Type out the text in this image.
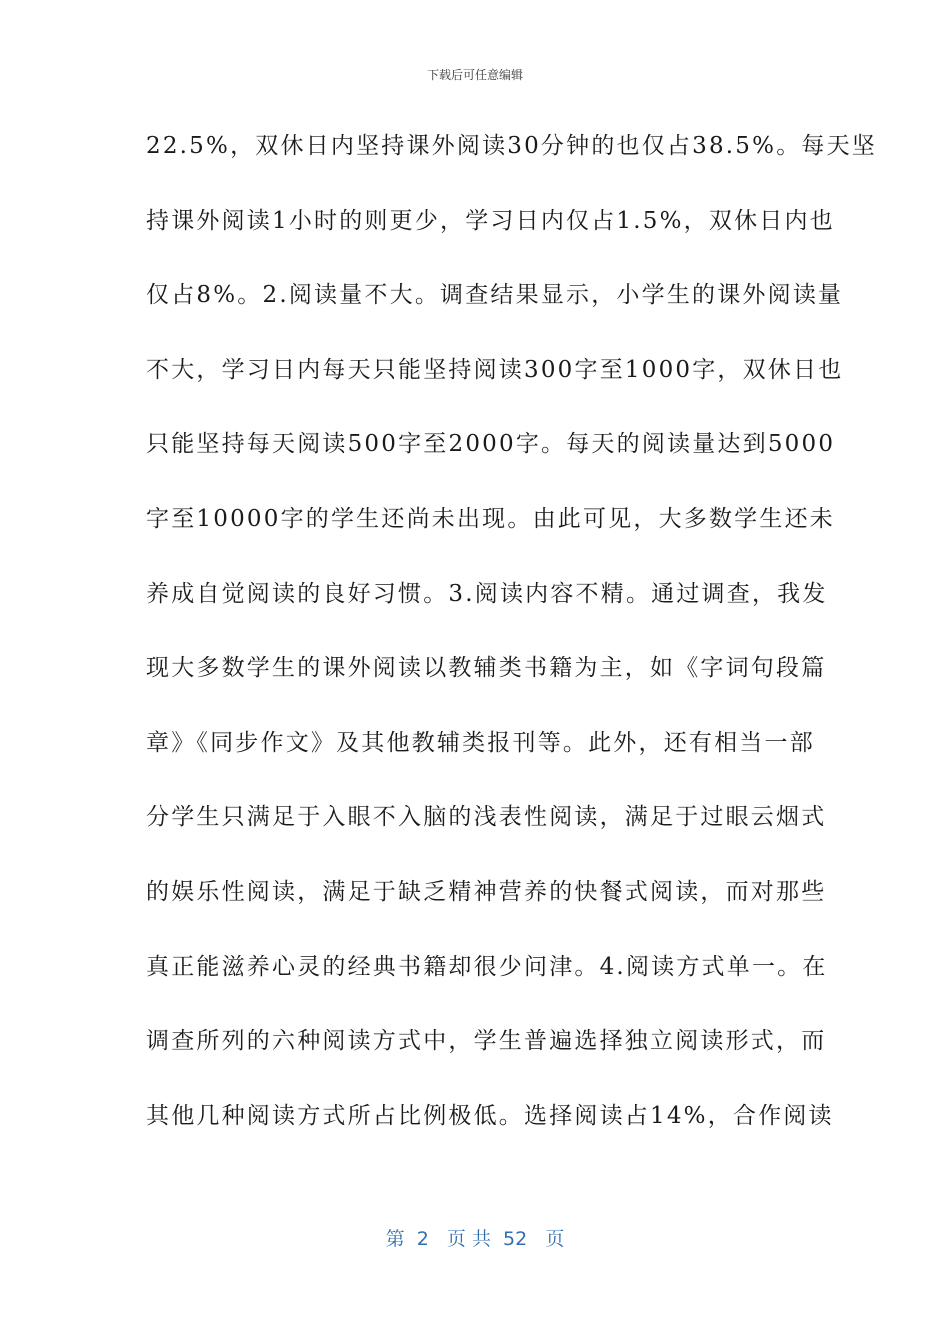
下载后可任意编辑
22.5%，双休日内坚持课外阅读30分钟的也仅占38.5%。每天坚
持课外阅读1小时的则更少，学习日内仅占1.5%，双休日内也
仅占8%。2.阅读量不大。调查结果显示，小学生的课外阅读量
不大，学习日内每天只能坚持阅读300字至1000字，双休日也
只能坚持每天阅读500字至2000字。每天的阅读量达到5000
字至10000字的学生还尚未出现。由此可见，大多数学生还未
养成自觉阅读的良好习惯。3.阅读内容不精。通过调查，我发
现大多数学生的课外阅读以教辅类书籍为主，如《字词句段篇
章》《同步作文》及其他教辅类报刊等。此外，还有相当一部
分学生只满足于入眼不入脑的浅表性阅读，满足于过眼云烟式
的娱乐性阅读，满足于缺乏精神营养的快餐式阅读，而对那些
真正能滋养心灵的经典书籍却很少问津。4.阅读方式单一。在
调查所列的六种阅读方式中，学生普遍选择独立阅读形式，而
其他几种阅读方式所占比例极低。选择阅读占14%，合作阅读
第  2   页 共  52   页
